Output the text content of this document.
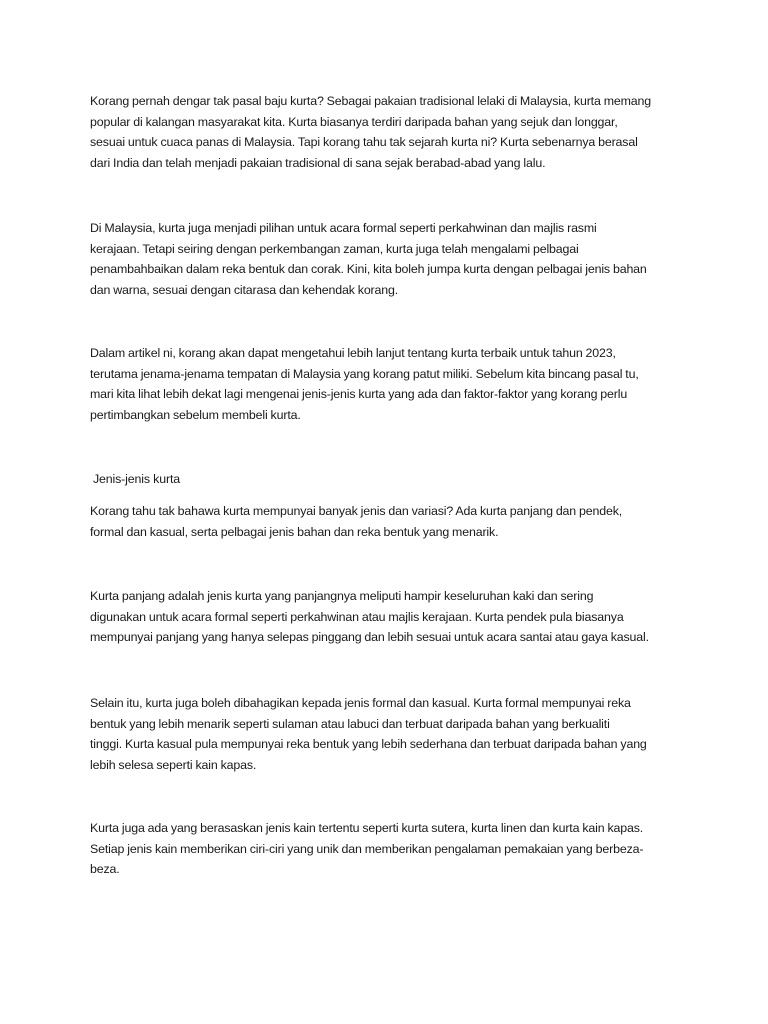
Korang pernah dengar tak pasal baju kurta? Sebagai pakaian tradisional lelaki di Malaysia, kurta memang
popular di kalangan masyarakat kita. Kurta biasanya terdiri daripada bahan yang sejuk dan longgar,
sesuai untuk cuaca panas di Malaysia. Tapi korang tahu tak sejarah kurta ni? Kurta sebenarnya berasal
dari India dan telah menjadi pakaian tradisional di sana sejak berabad-abad yang lalu.

Di Malaysia, kurta juga menjadi pilihan untuk acara formal seperti perkahwinan dan majlis rasmi
kerajaan. Tetapi seiring dengan perkembangan zaman, kurta juga telah mengalami pelbagai
penambahbaikan dalam reka bentuk dan corak. Kini, kita boleh jumpa kurta dengan pelbagai jenis bahan
dan warna, sesuai dengan citarasa dan kehendak korang.

Dalam artikel ni, korang akan dapat mengetahui lebih lanjut tentang kurta terbaik untuk tahun 2023,
terutama jenama-jenama tempatan di Malaysia yang korang patut miliki. Sebelum kita bincang pasal tu,
mari kita lihat lebih dekat lagi mengenai jenis-jenis kurta yang ada dan faktor-faktor yang korang perlu
pertimbangkan sebelum membeli kurta.

Jenis-jenis kurta

Korang tahu tak bahawa kurta mempunyai banyak jenis dan variasi? Ada kurta panjang dan pendek,
formal dan kasual, serta pelbagai jenis bahan dan reka bentuk yang menarik.

Kurta panjang adalah jenis kurta yang panjangnya meliputi hampir keseluruhan kaki dan sering
digunakan untuk acara formal seperti perkahwinan atau majlis kerajaan. Kurta pendek pula biasanya
mempunyai panjang yang hanya selepas pinggang dan lebih sesuai untuk acara santai atau gaya kasual.

Selain itu, kurta juga boleh dibahagikan kepada jenis formal dan kasual. Kurta formal mempunyai reka
bentuk yang lebih menarik seperti sulaman atau labuci dan terbuat daripada bahan yang berkualiti
tinggi. Kurta kasual pula mempunyai reka bentuk yang lebih sederhana dan terbuat daripada bahan yang
lebih selesa seperti kain kapas.

Kurta juga ada yang berasaskan jenis kain tertentu seperti kurta sutera, kurta linen dan kurta kain kapas.
Setiap jenis kain memberikan ciri-ciri yang unik dan memberikan pengalaman pemakaian yang berbeza-
beza.
